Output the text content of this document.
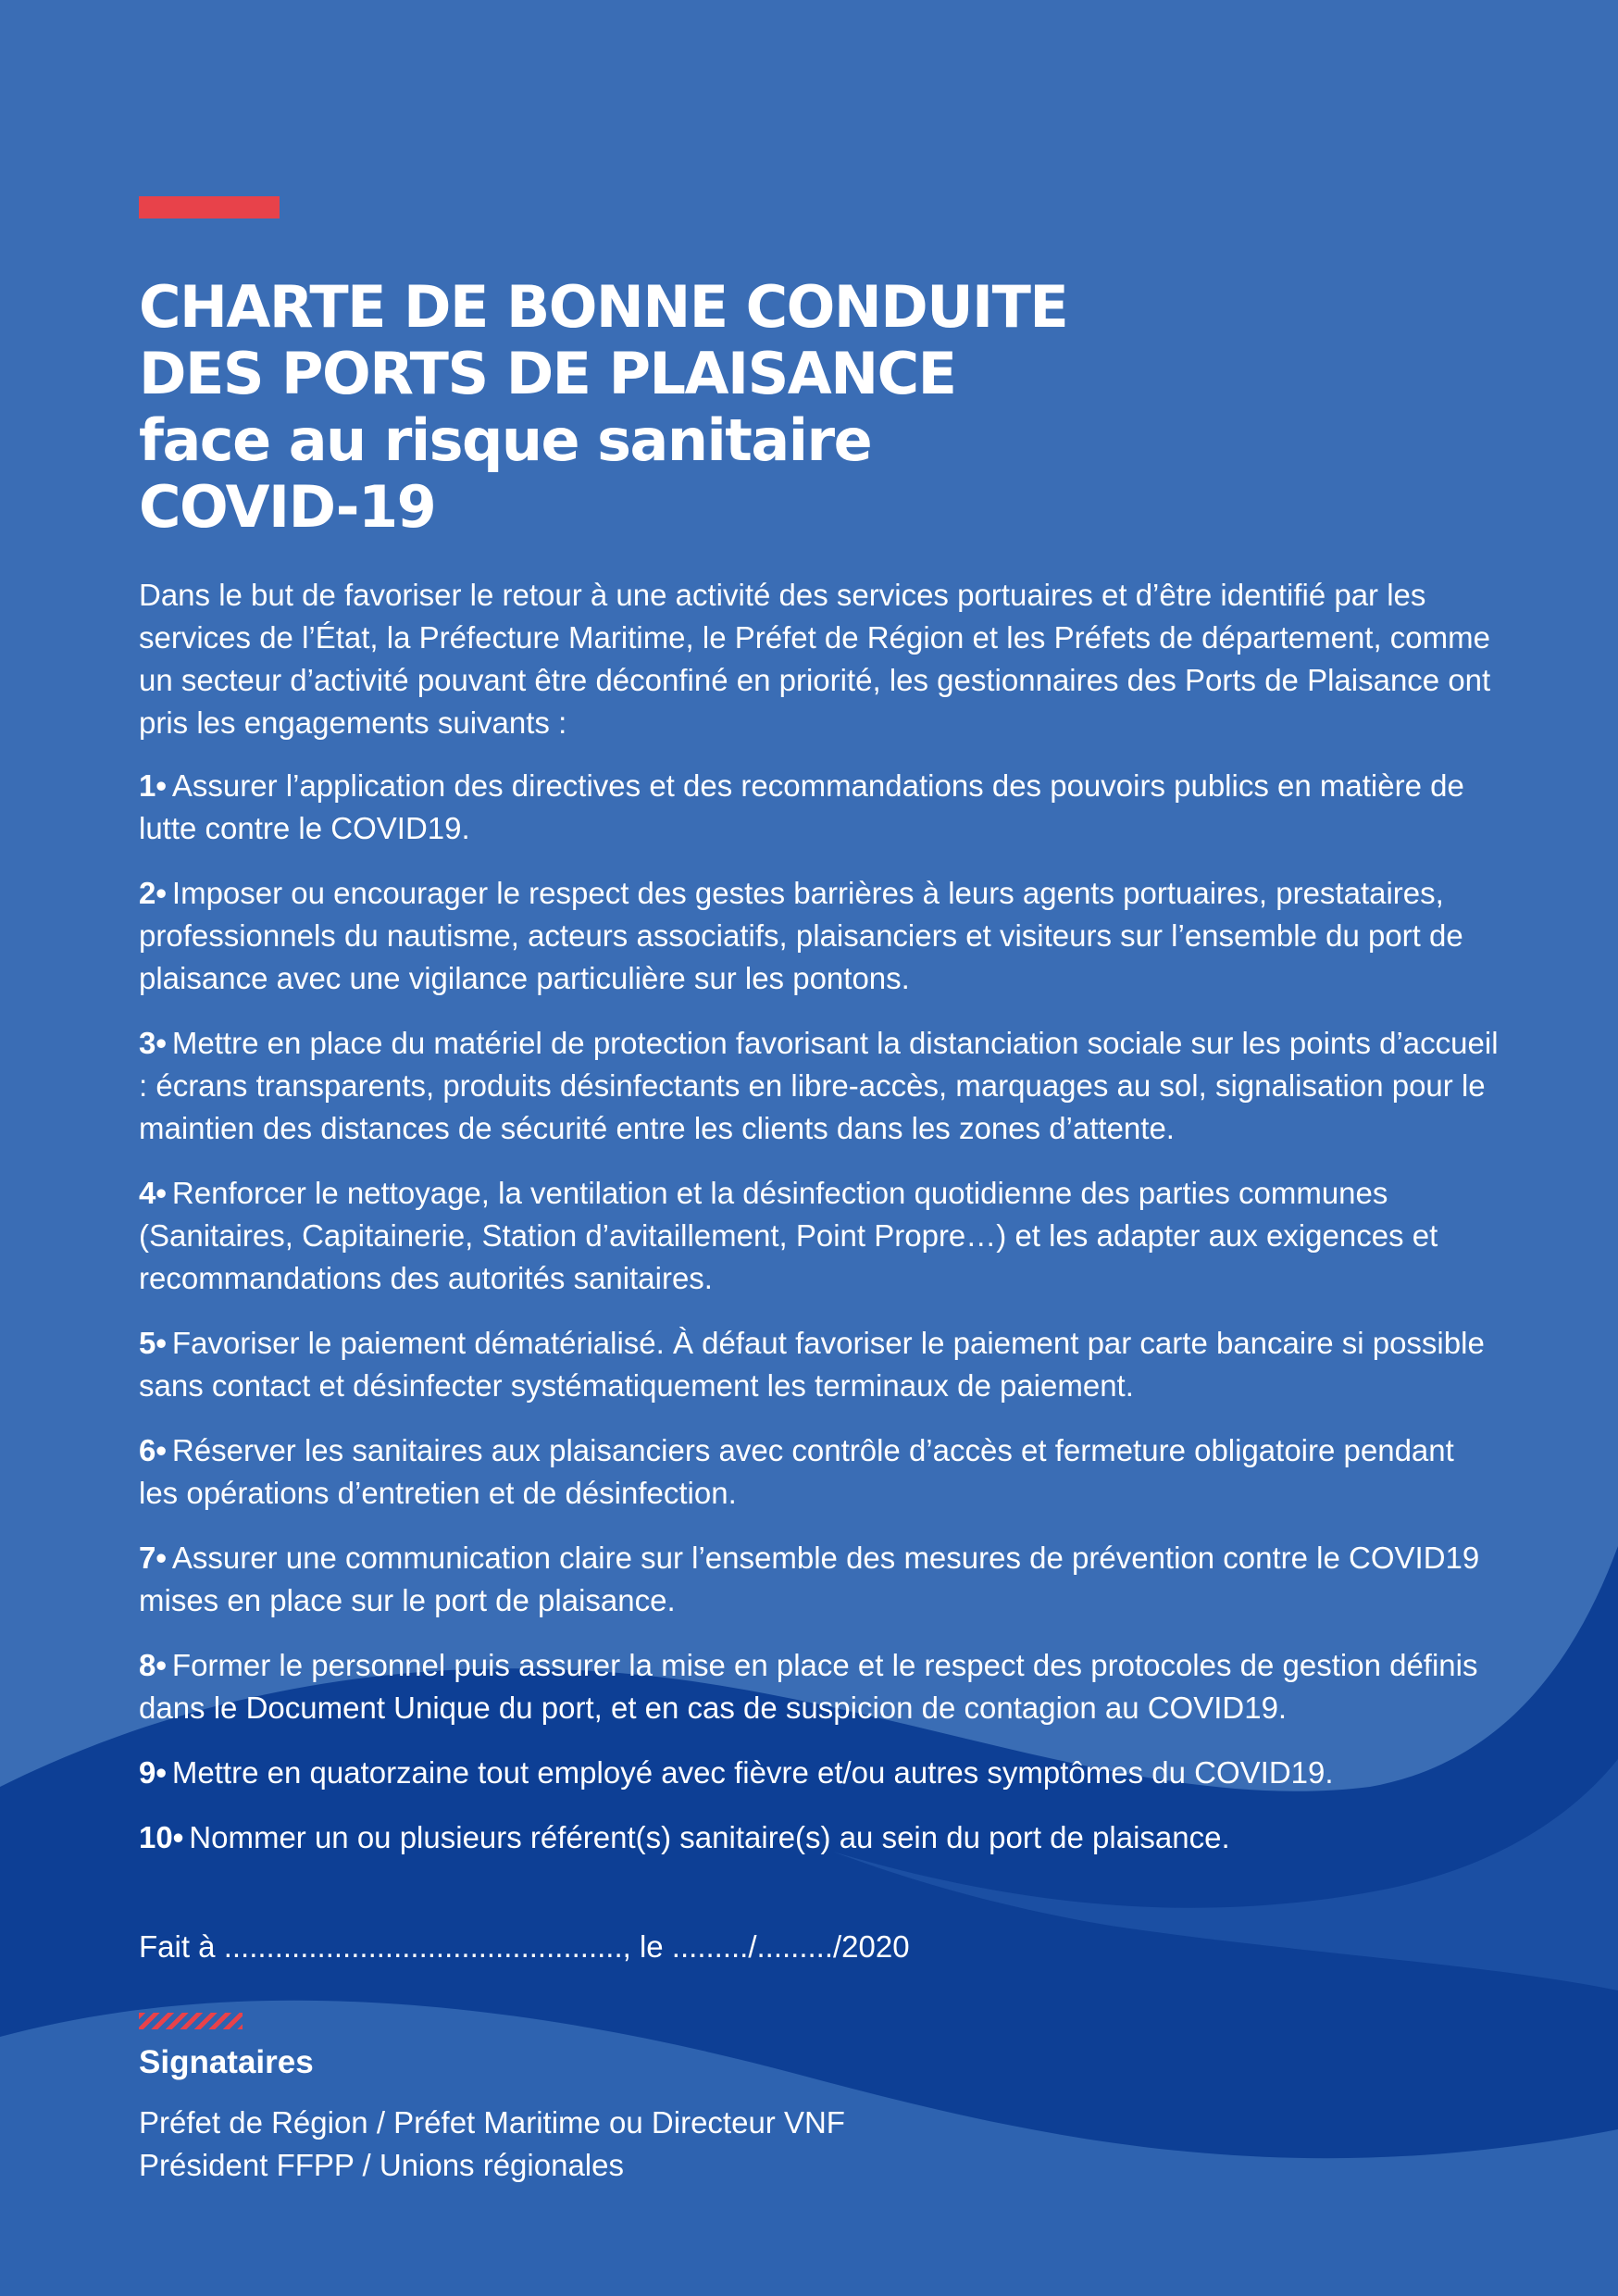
CHARTE DE BONNE CONDUITE
DES PORTS DE PLAISANCE
face au risque sanitaire
COVID-19

Dans le but de favoriser le retour à une activité des services portuaires et d’être identifié par les services de l’État, la Préfecture Maritime, le Préfet de Région et les Préfets de département, comme un secteur d’activité pouvant être déconfiné en priorité, les gestionnaires des Ports de Plaisance ont pris les engagements suivants :

1• Assurer l’application des directives et des recommandations des pouvoirs publics en matière de lutte contre le COVID19.
2• Imposer ou encourager le respect des gestes barrières à leurs agents portuaires, prestataires, professionnels du nautisme, acteurs associatifs, plaisanciers et visiteurs sur l’ensemble du port de plaisance avec une vigilance particulière sur les pontons.
3• Mettre en place du matériel de protection favorisant la distanciation sociale sur les points d’accueil : écrans transparents, produits désinfectants en libre-accès, marquages au sol, signalisation pour le maintien des distances de sécurité entre les clients dans les zones d’attente.
4• Renforcer le nettoyage, la ventilation et la désinfection quotidienne des parties communes (Sanitaires, Capitainerie, Station d’avitaillement, Point Propre…) et les adapter aux exigences et recommandations des autorités sanitaires.
5• Favoriser le paiement dématérialisé. À défaut favoriser le paiement par carte bancaire si possible sans contact et désinfecter systématiquement les terminaux de paiement.
6• Réserver les sanitaires aux plaisanciers avec contrôle d’accès et fermeture obligatoire pendant les opérations d’entretien et de désinfection.
7• Assurer une communication claire sur l’ensemble des mesures de prévention contre le COVID19 mises en place sur le port de plaisance.
8• Former le personnel puis assurer la mise en place et le respect des protocoles de gestion définis dans le Document Unique du port, et en cas de suspicion de contagion au COVID19.
9• Mettre en quatorzaine tout employé avec fièvre et/ou autres symptômes du COVID19.
10• Nommer un ou plusieurs référent(s) sanitaire(s) au sein du port de plaisance.
Fait à ..............................................., le ........./........./2020
Signataires
Préfet de Région / Préfet Maritime ou Directeur VNF
Président FFPP / Unions régionales
